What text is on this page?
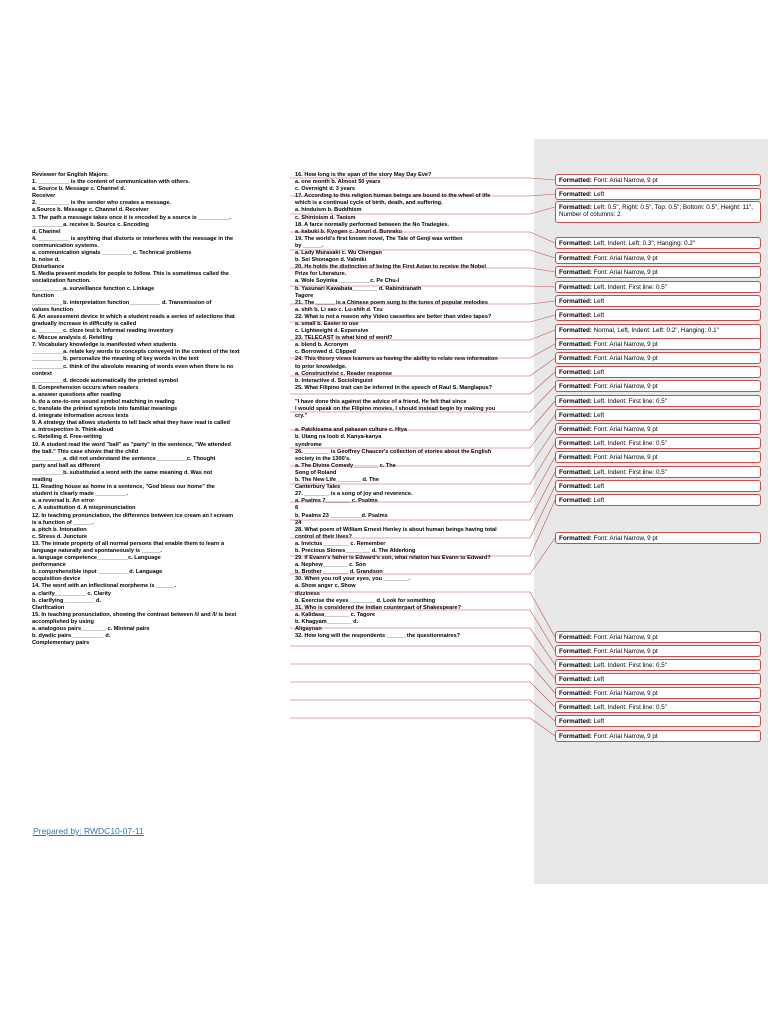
Reviewer for English Majors:
1. __________ is the content of communication with others.
a. Source b. Message c. Channel d.
Receiver
2. __________ is the sender who creates a message.
a.Source b. Message c. Channel d. Receiver
3. The path a message takes once it is encoded by a source is __________.
__________a. receive b. Source c. Encoding
d. Channel
4. __________ is anything that distorts or interferes with the message in the
communication systems.
a. communication signals __________c. Technical problems
b. noise d.
Disturbance
5. Media present models for people to follow. This is sometimes called the
socialization function.
__________a. surveillance function c. Linkage
function
__________b. interpretation function__________ d. Transmission of
values function
6. An assessment device in which a student reads a series of selections that
gradually increase in difficulty is called
a. ________c. cloze test b. Informal reading inventory
c. Miscue analysis d. Retelling
7. Vocabulary knowledge is manifested when students
__________a. relate key words to concepts conveyed in the context of the text
__________b. personalize the meaning of key words in the text
__________c. think of the absolute meaning of words even when there is no
context
__________d. decode automatically the printed symbol
8. Comprehension occurs when readers
a. answer questions after reading
b. do a one-to-one sound symbol matching in reading
c. translate the printed symbols into familiar meanings
d. integrate information across texts
9. A strategy that allows students to tell back what they have read is called
a. introspection b. Think-aloud
c. Retelling d. Free-writing
10. A student read the word "ball" as "party" in the sentence, "We attended
the ball." This case shows that the child
__________a. did not understand the sentence__________c. Thought
party and ball as different
__________b. substituted a word with the same meaning d. Was not
reading
11. Reading house as home in a sentence, "God bless our home" the
student is clearly made __________.
a. a reversal b. An error
c. A substitution d. A mispronunciation
12. In teaching pronunciation, the difference between ice cream an I scream
is a function of ______.
a. pitch b. Intonation
c. Stress d. Juncture
13. The innate property of all normal persons that enable them to learn a
language naturally and spontaneously is ______.
a. language competence__________c. Language
performance
b. comprehensible input __________d. Language
acquisition device
14. The word with an inflectional morpheme is ______.
a. clarify__________ c. Clarity
b. clarifying__________ d.
Clarification
15. In teaching pronunciation, showing the contrast between /i/ and /I/ is best
accomplished by using
a. analogous pairs________ c. Minimal pairs
b. dyadic pairs __________ d.
Complementary pairs
16. How long is the span of the story May Day Eve?
a. one month b. Almost 50 years
c. Overnight d. 3 years
17. According to this religion human beings are bound to the wheel of life
which is a continual cycle of birth, death, and suffering.
a. hinduism b. Buddhism
c. Shintoism d. Taoism
18. A farce normally performed between the No Tradegies.
a. kabuki b. Kyogen c. Joruri d. Bunraku
19. The world's first known novel, The Tale of Genji was written
by ______.
a. Lady Murasaki c. Wu Chengan
b. Sei Shonagon d. Valmiki
20. He holds the distinction of being the First Asian to receive the Nobel
Prize for Literature.
a. Wole Soyinka __________c. Pe Chu-I
b. Yasunari Kawabata________ d. Rabindranath
Tagore
21. The ______ is a Chinese poem sung to the tunes of popular melodies
a. shih b. Li sao c. Lu-shih d. Tzu
22. What is not a reason why Video cassettes are better than video tapes?
a. small b. Easier to use
c. Lightweight d. Expensive
23. TELECAST is what kind of word?
a. blend b. Acronym
c. Borrowed d. Clipped
24. This theory views learners as having the ability to relate new information
to prior knowledge.
a. Constructivist c. Reader response
b. Interactive d. Sociolinguist
25. What Filipino trait can be inferred in the speech of Raul S. Manglapus?
"I have done this against the advice of a friend. He felt that since
I would speak on the Filipino movies, I should instead begin by making you
cry."
a. Pakikisama and pakasan culture c. Hiya
b. Utang na loob d. Kanya-kanya
syndrome
26. ________ is Geoffrey Chaucer's collection of stories about the English
society in the 1300's.
a. The Divine Comedy________ c. The
Song of Roland
b. The New Life________ d. The
Canterbury Tales
27. ________ is a song of joy and reverence.
a. Psalms 7________ c. Psalms
8
b. Psalms 23 __________d. Psalms
24
28. What poem of William Ernest Henley is about human beings having total
control of their lives?
a. Invictus ________ c. Remember
b. Precious Stones________ d. The Alderking
29. If Evann's father is Edward's son, what relation has Evann to Edward?
a. Nephew________ c. Son
b. Brother ________ d. Grandson
30. When you roll your eyes, you ________.
a. Show anger c. Show
dizziness
b. Exercise the eyes ________ d. Look for something
31. Who is considered the Indian counterpart of Shakespeare?
a. Kalidasa________ c. Tagore
b. Khagyam________ d.
Aligaynan
32. How long will the respondents ______ the questionnaires?
Prepared by: RWDC10-07-11
Formatted: Font: Arial Narrow, 9 pt
Formatted: Left
Formatted: Left: 0.5", Right: 0.5", Top: 0.5", Bottom: 0.5", Height: 11", Number of columns: 2
Formatted: Left, Indent: Left: 0.3", Hanging: 0.2"
Formatted: Font: Arial Narrow, 9 pt
Formatted: Font: Arial Narrow, 9 pt
Formatted: Left, Indent: First line: 0.5"
Formatted: Left
Formatted: Left
Formatted: Normal, Left, Indent: Left: 0.2", Hanging: 0.1"
Formatted: Font: Arial Narrow, 9 pt
Formatted: Font: Arial Narrow, 9 pt
Formatted: Left
Formatted: Font: Arial Narrow, 9 pt
Formatted: Left, Indent: First line: 0.5"
Formatted: Left
Formatted: Font: Arial Narrow, 9 pt
Formatted: Left, Indent: First line: 0.5"
Formatted: Font: Arial Narrow, 9 pt
Formatted: Left, Indent: First line: 0.5"
Formatted: Left
Formatted: Left
Formatted: Font: Arial Narrow, 9 pt
Formatted: Font: Arial Narrow, 9 pt
Formatted: Font: Arial Narrow, 9 pt
Formatted: Left, Indent: First line: 0.5"
Formatted: Left
Formatted: Font: Arial Narrow, 9 pt
Formatted: Left, Indent: First line: 0.5"
Formatted: Left
Formatted: Font: Arial Narrow, 9 pt
